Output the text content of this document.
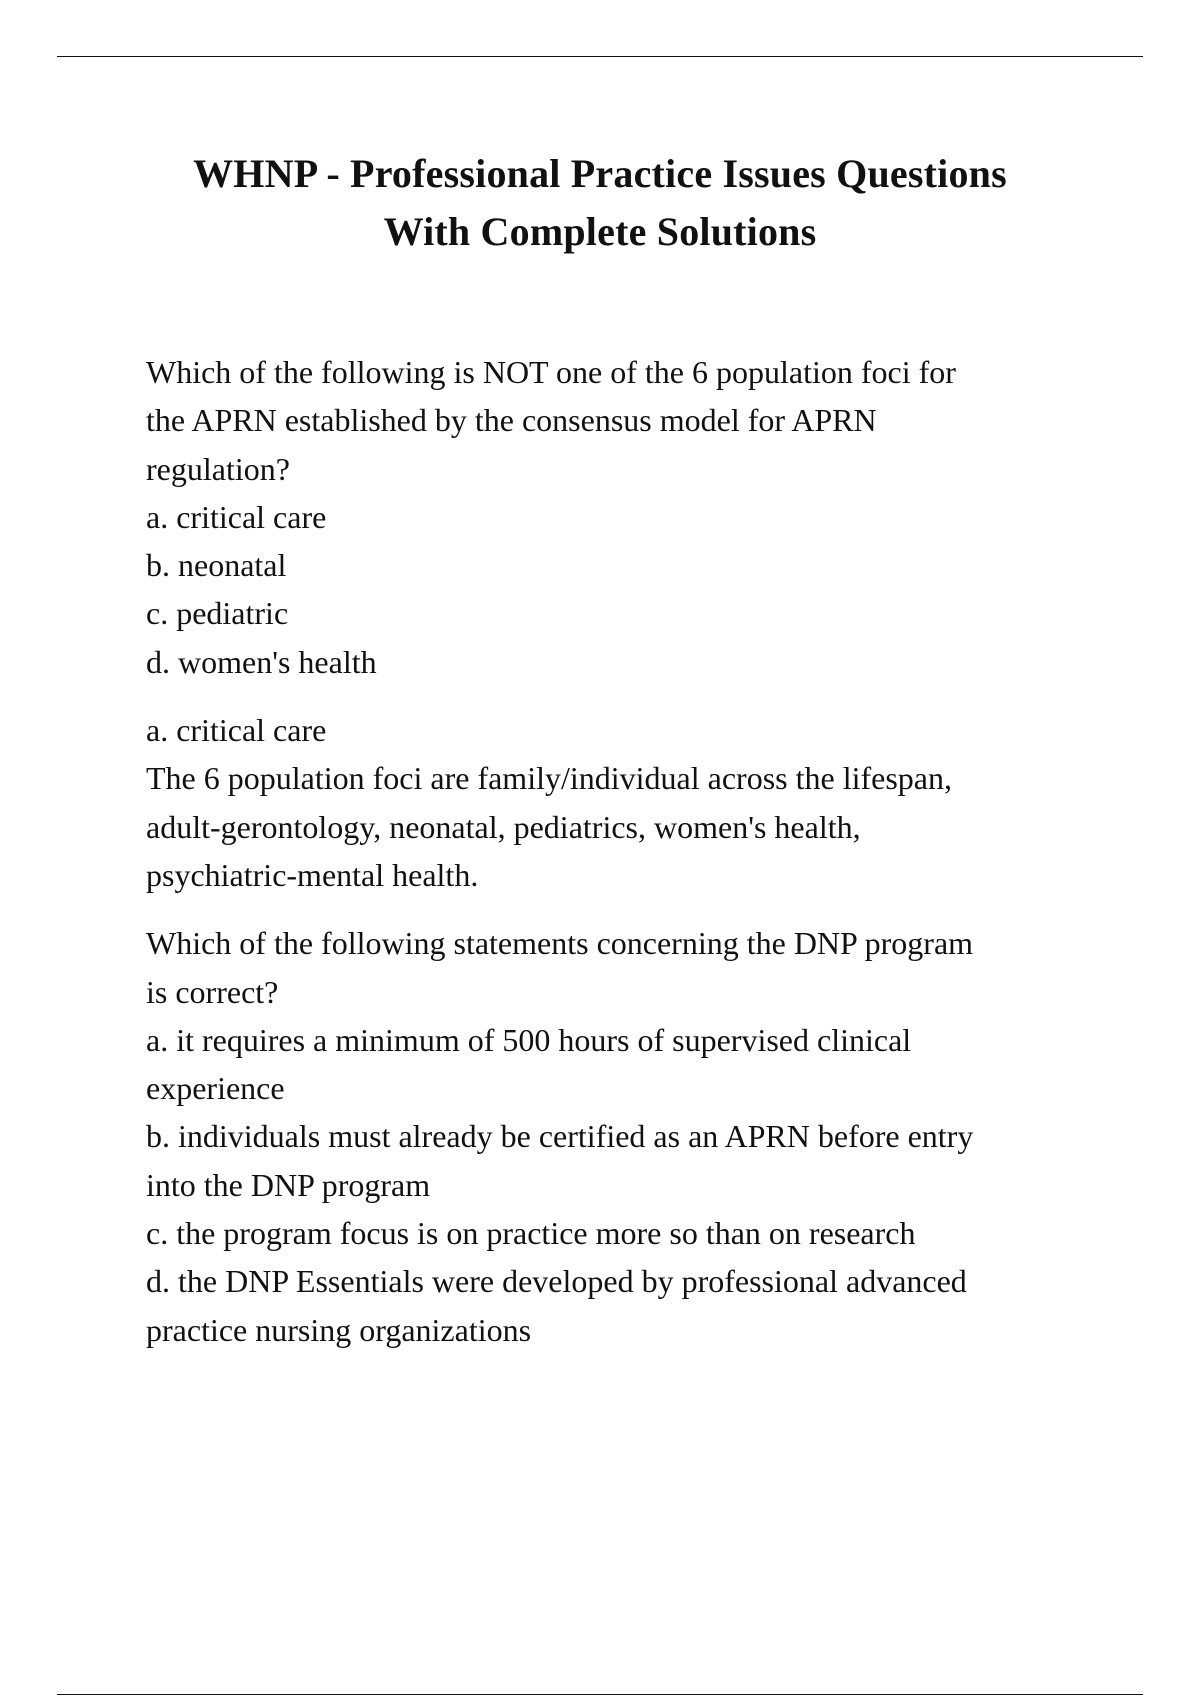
WHNP - Professional Practice Issues Questions
With Complete Solutions
Which of the following is NOT one of the 6 population foci for
the APRN established by the consensus model for APRN
regulation?
a. critical care
b. neonatal
c. pediatric
d. women's health
a. critical care
The 6 population foci are family/individual across the lifespan,
adult-gerontology, neonatal, pediatrics, women's health,
psychiatric-mental health.
Which of the following statements concerning the DNP program
is correct?
a. it requires a minimum of 500 hours of supervised clinical
experience
b. individuals must already be certified as an APRN before entry
into the DNP program
c. the program focus is on practice more so than on research
d. the DNP Essentials were developed by professional advanced
practice nursing organizations
